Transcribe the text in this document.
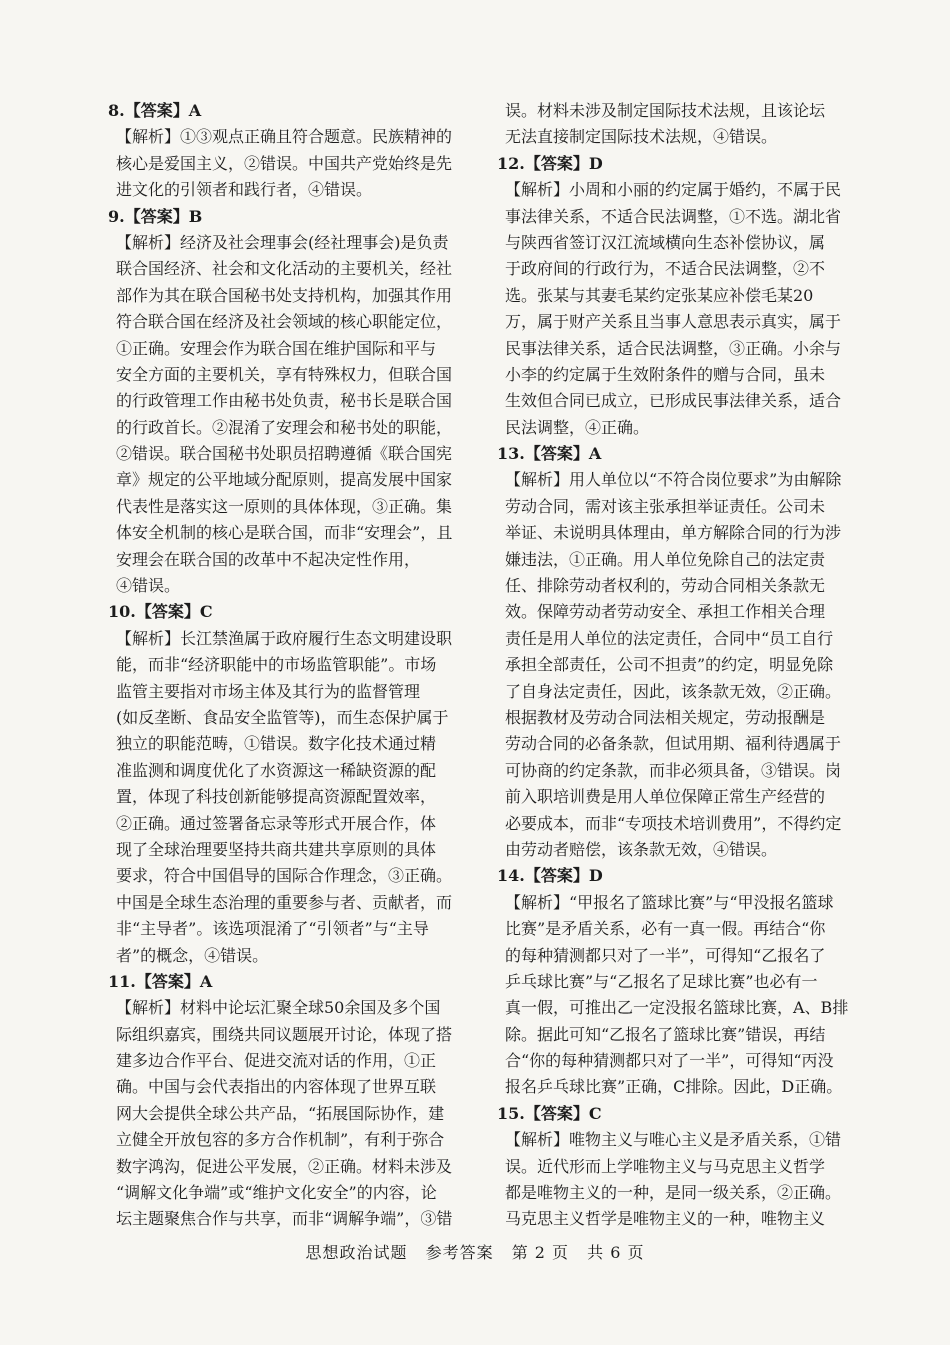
8.【答案】A
【解析】①③观点正确且符合题意。民族精神的
核心是爱国主义，②错误。中国共产党始终是先
进文化的引领者和践行者，④错误。
9.【答案】B
【解析】经济及社会理事会(经社理事会)是负责
联合国经济、社会和文化活动的主要机关，经社
部作为其在联合国秘书处支持机构，加强其作用
符合联合国在经济及社会领域的核心职能定位，
①正确。安理会作为联合国在维护国际和平与
安全方面的主要机关，享有特殊权力，但联合国
的行政管理工作由秘书处负责，秘书长是联合国
的行政首长。②混淆了安理会和秘书处的职能，
②错误。联合国秘书处职员招聘遵循《联合国宪
章》规定的公平地域分配原则，提高发展中国家
代表性是落实这一原则的具体体现，③正确。集
体安全机制的核心是联合国，而非“安理会”，且
安理会在联合国的改革中不起决定性作用，
④错误。
10.【答案】C
【解析】长江禁渔属于政府履行生态文明建设职
能，而非“经济职能中的市场监管职能”。市场
监管主要指对市场主体及其行为的监督管理
(如反垄断、食品安全监管等)，而生态保护属于
独立的职能范畴，①错误。数字化技术通过精
准监测和调度优化了水资源这一稀缺资源的配
置，体现了科技创新能够提高资源配置效率，
②正确。通过签署备忘录等形式开展合作，体
现了全球治理要坚持共商共建共享原则的具体
要求，符合中国倡导的国际合作理念，③正确。
中国是全球生态治理的重要参与者、贡献者，而
非“主导者”。该选项混淆了“引领者”与“主导
者”的概念，④错误。
11.【答案】A
【解析】材料中论坛汇聚全球50余国及多个国
际组织嘉宾，围绕共同议题展开讨论，体现了搭
建多边合作平台、促进交流对话的作用，①正
确。中国与会代表指出的内容体现了世界互联
网大会提供全球公共产品，“拓展国际协作，建
立健全开放包容的多方合作机制”，有利于弥合
数字鸿沟，促进公平发展，②正确。材料未涉及
“调解文化争端”或“维护文化安全”的内容，论
坛主题聚焦合作与共享，而非“调解争端”，③错
误。材料未涉及制定国际技术法规，且该论坛
无法直接制定国际技术法规，④错误。
12.【答案】D
【解析】小周和小丽的约定属于婚约，不属于民
事法律关系，不适合民法调整，①不选。湖北省
与陕西省签订汉江流域横向生态补偿协议，属
于政府间的行政行为，不适合民法调整，②不
选。张某与其妻毛某约定张某应补偿毛某20
万，属于财产关系且当事人意思表示真实，属于
民事法律关系，适合民法调整，③正确。小余与
小李的约定属于生效附条件的赠与合同，虽未
生效但合同已成立，已形成民事法律关系，适合
民法调整，④正确。
13.【答案】A
【解析】用人单位以“不符合岗位要求”为由解除
劳动合同，需对该主张承担举证责任。公司未
举证、未说明具体理由，单方解除合同的行为涉
嫌违法，①正确。用人单位免除自己的法定责
任、排除劳动者权利的，劳动合同相关条款无
效。保障劳动者劳动安全、承担工作相关合理
责任是用人单位的法定责任，合同中“员工自行
承担全部责任，公司不担责”的约定，明显免除
了自身法定责任，因此，该条款无效，②正确。
根据教材及劳动合同法相关规定，劳动报酬是
劳动合同的必备条款，但试用期、福利待遇属于
可协商的约定条款，而非必须具备，③错误。岗
前入职培训费是用人单位保障正常生产经营的
必要成本，而非“专项技术培训费用”，不得约定
由劳动者赔偿，该条款无效，④错误。
14.【答案】D
【解析】“甲报名了篮球比赛”与“甲没报名篮球
比赛”是矛盾关系，必有一真一假。再结合“你
的每种猜测都只对了一半”，可得知“乙报名了
乒乓球比赛”与“乙报名了足球比赛”也必有一
真一假，可推出乙一定没报名篮球比赛，A、B排
除。据此可知“乙报名了篮球比赛”错误，再结
合“你的每种猜测都只对了一半”，可得知“丙没
报名乒乓球比赛”正确，C排除。因此，D正确。
15.【答案】C
【解析】唯物主义与唯心主义是矛盾关系，①错
误。近代形而上学唯物主义与马克思主义哲学
都是唯物主义的一种，是同一级关系，②正确。
马克思主义哲学是唯物主义的一种，唯物主义
思想政治试题 参考答案 第 2 页 共 6 页
